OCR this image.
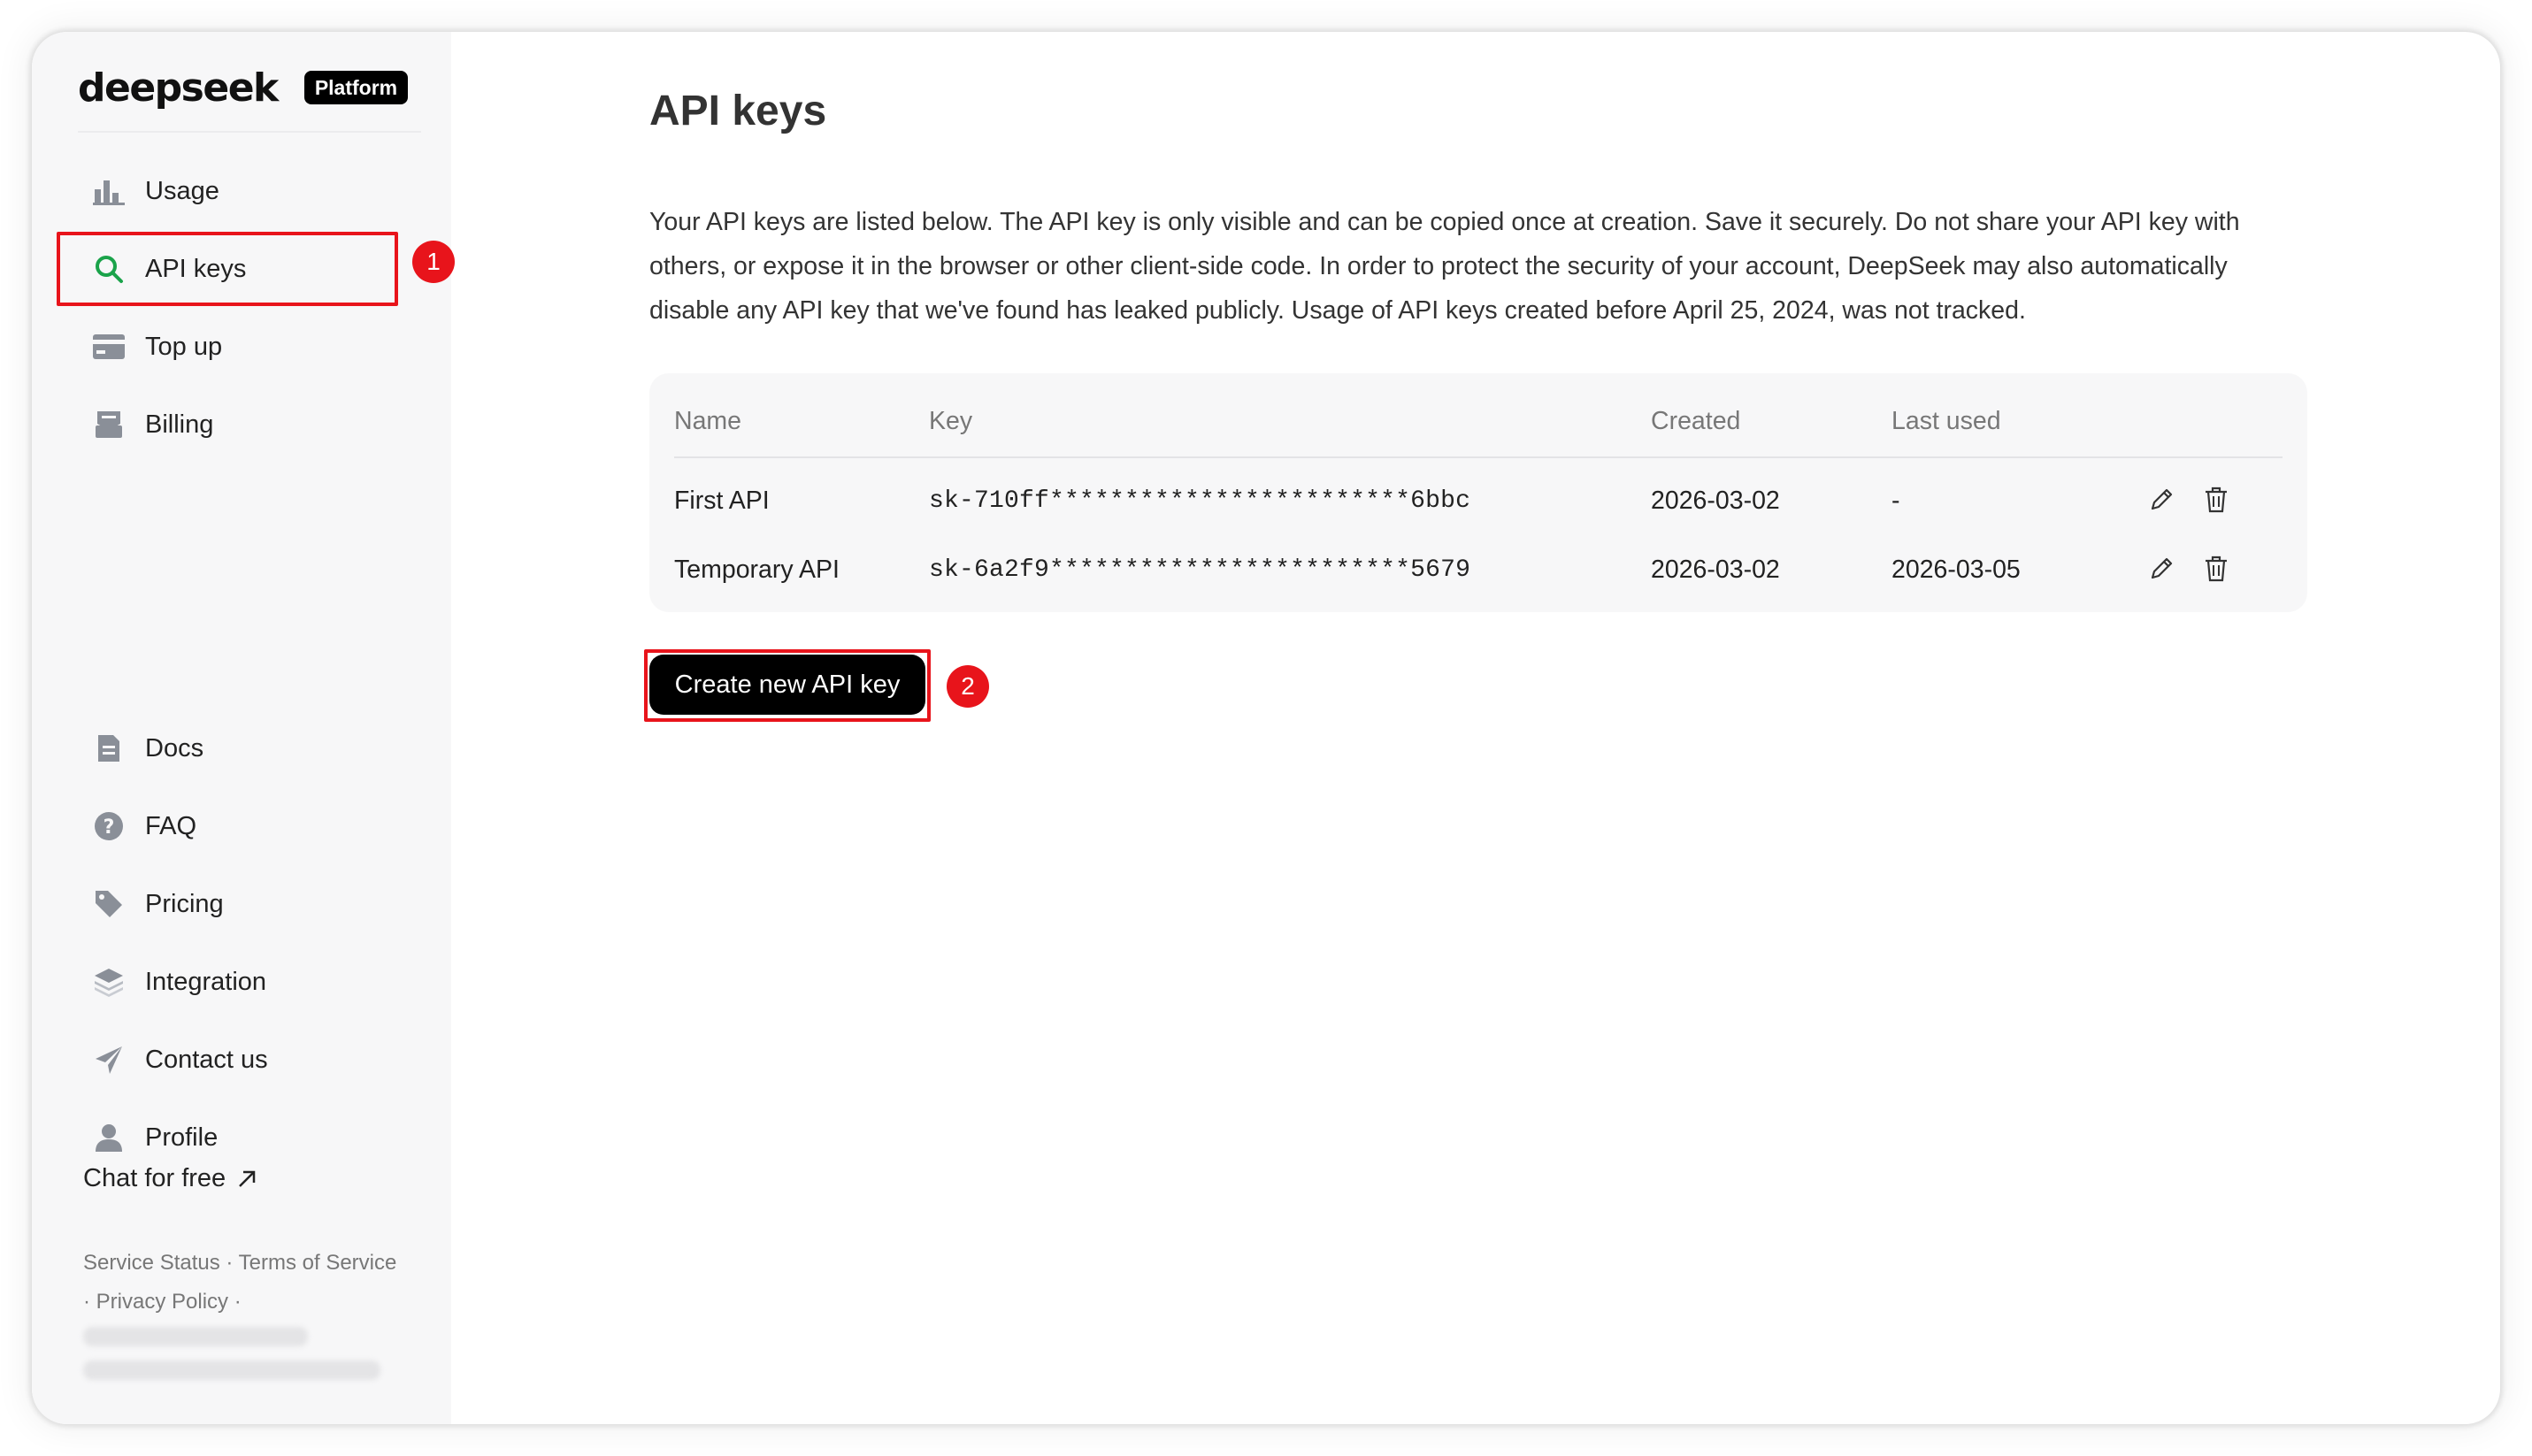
deepseek	Platform
Usage
API keys
Top up
Billing
1
Docs
? FAQ
Pricing
Integration
Contact us
Profile
Chat for free
Service Status · Terms of Service
· Privacy Policy ·
API keys

Your API keys are listed below. The API key is only visible and can be copied once at creation. Save it securely. Do not share your API key with others, or expose it in the browser or other client-side code. In order to protect the security of your account, DeepSeek may also automatically disable any API key that we've found has leaked publicly. Usage of API keys created before April 25, 2024, was not tracked.

Name	Key	Created	Last used
First API	sk-710ff************************6bbc	2026-03-02	-
Temporary API	sk-6a2f9************************5679	2026-03-02	2026-03-05
Create new API key	2
